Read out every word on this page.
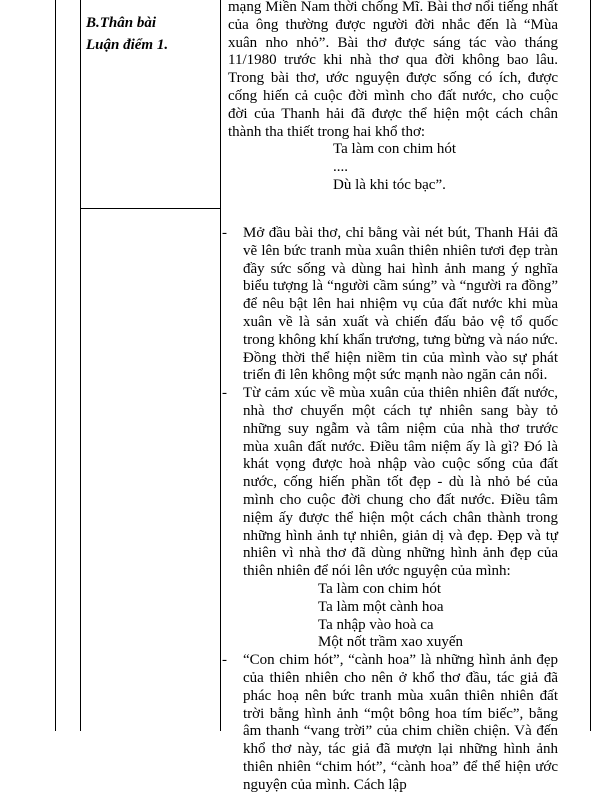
B.Thân bài
Luận điểm 1.

mạng Miền Nam thời chống Mĩ. Bài thơ nổi tiếng nhất của ông thường được người đời nhắc đến là “Mùa xuân nho nhỏ”. Bài thơ được sáng tác vào tháng 11/1980 trước khi nhà thơ qua đời không bao lâu. Trong bài thơ, ước nguyện được sống có ích, được cống hiến cả cuộc đời mình cho đất nước, cho cuộc đời của Thanh hải đã được thể hiện một cách chân thành tha thiết trong hai khổ thơ:

Ta làm con chim hót
....
Dù là khi tóc bạc”.
- Mở đầu bài thơ, chỉ bằng vài nét bút, Thanh Hải đã vẽ lên bức tranh mùa xuân thiên nhiên tươi đẹp tràn đầy sức sống và dùng hai hình ảnh mang ý nghĩa biểu tượng là “người cầm súng” và “người ra đồng” để nêu bật lên hai nhiệm vụ của đất nước khi mùa xuân về là sản xuất và chiến đấu bảo vệ tổ quốc trong không khí khẩn trương, tưng bừng và náo nức. Đồng thời thể hiện niềm tin của mình vào sự phát triển đi lên không một sức mạnh nào ngăn cản nổi.
- Từ cảm xúc về mùa xuân của thiên nhiên đất nước, nhà thơ chuyển một cách tự nhiên sang bày tỏ những suy ngẫm và tâm niệm của nhà thơ trước mùa xuân đất nước. Điều tâm niệm ấy là gì? Đó là khát vọng được hoà nhập vào cuộc sống của đất nước, cống hiến phần tốt đẹp - dù là nhỏ bé của mình cho cuộc đời chung cho đất nước. Điều tâm niệm ấy được thể hiện một cách chân thành trong những hình ảnh tự nhiên, giản dị và đẹp. Đẹp và tự nhiên vì nhà thơ đã dùng những hình ảnh đẹp của thiên nhiên để nói lên ước nguyện của mình:
Ta làm con chim hót
Ta làm một cành hoa
Ta nhập vào hoà ca
Một nốt trầm xao xuyến
- “Con chim hót”, “cành hoa” là những hình ảnh đẹp của thiên nhiên cho nên ở khổ thơ đầu, tác giả đã phác hoạ nên bức tranh mùa xuân thiên nhiên đất trời bằng hình ảnh “một bông hoa tím biếc”, bằng âm thanh “vang trời” của chim chiền chiện. Và đến khổ thơ này, tác giả đã mượn lại những hình ảnh thiên nhiên “chim hót”, “cành hoa” để thể hiện ước nguyện của mình. Cách lập
